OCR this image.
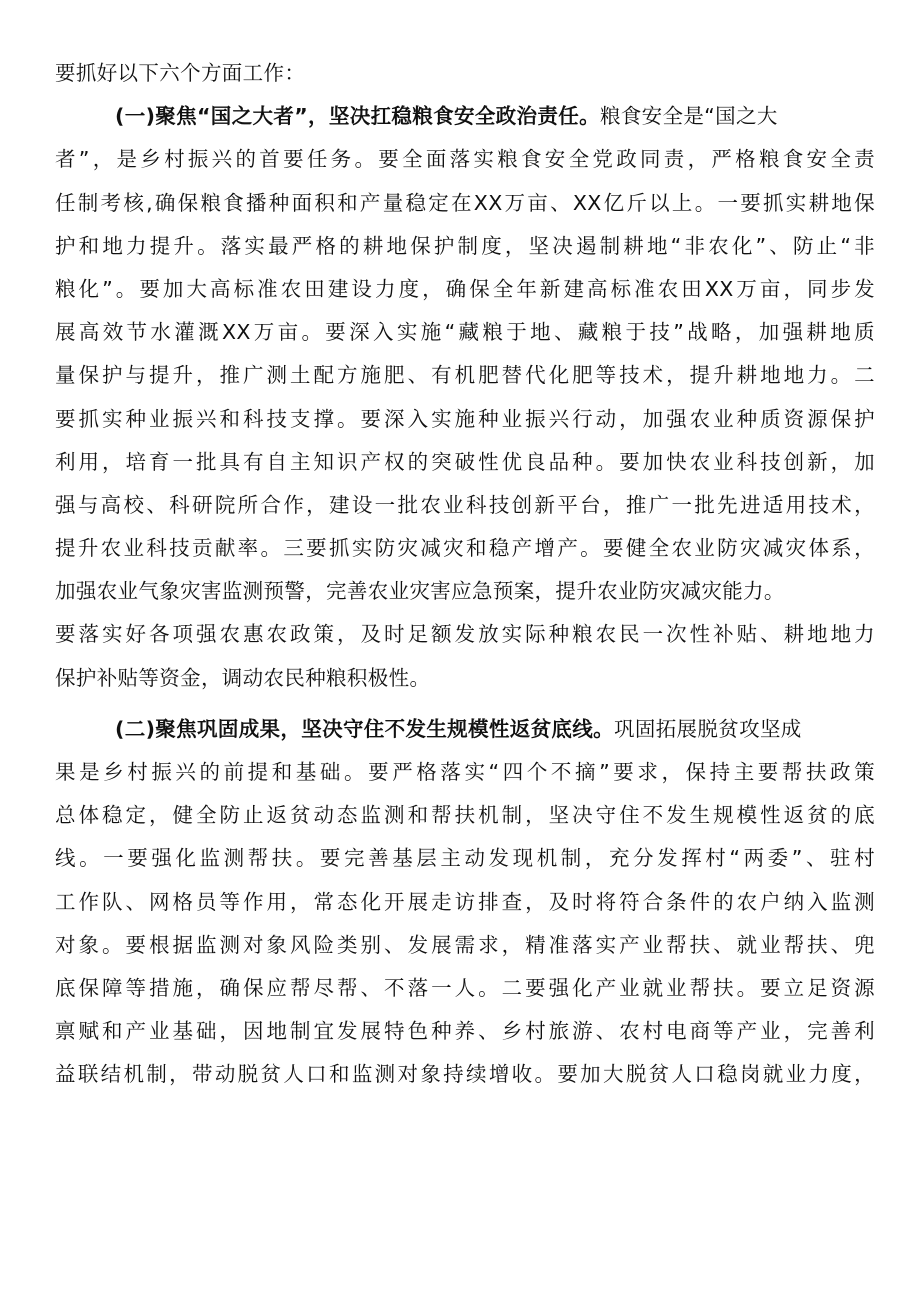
要抓好以下六个方面工作：
(一)聚焦“国之大者”，坚决扛稳粮食安全政治责任。粮食安全是“国之大
者”，是乡村振兴的首要任务。要全面落实粮食安全党政同责，严格粮食安全责
任制考核,确保粮食播种面积和产量稳定在XX万亩、XX亿斤以上。一要抓实耕地保
护和地力提升。落实最严格的耕地保护制度，坚决遏制耕地“非农化”、防止“非
粮化”。要加大高标准农田建设力度，确保全年新建高标准农田XX万亩，同步发
展高效节水灌溉XX万亩。要深入实施“藏粮于地、藏粮于技”战略，加强耕地质
量保护与提升，推广测土配方施肥、有机肥替代化肥等技术，提升耕地地力。二
要抓实种业振兴和科技支撑。要深入实施种业振兴行动，加强农业种质资源保护
利用，培育一批具有自主知识产权的突破性优良品种。要加快农业科技创新，加
强与高校、科研院所合作，建设一批农业科技创新平台，推广一批先进适用技术，
提升农业科技贡献率。三要抓实防灾减灾和稳产增产。要健全农业防灾减灾体系，
加强农业气象灾害监测预警，完善农业灾害应急预案，提升农业防灾减灾能力。
要落实好各项强农惠农政策，及时足额发放实际种粮农民一次性补贴、耕地地力
保护补贴等资金，调动农民种粮积极性。
(二)聚焦巩固成果，坚决守住不发生规模性返贫底线。巩固拓展脱贫攻坚成
果是乡村振兴的前提和基础。要严格落实“四个不摘”要求，保持主要帮扶政策
总体稳定，健全防止返贫动态监测和帮扶机制，坚决守住不发生规模性返贫的底
线。一要强化监测帮扶。要完善基层主动发现机制，充分发挥村“两委”、驻村
工作队、网格员等作用，常态化开展走访排查，及时将符合条件的农户纳入监测
对象。要根据监测对象风险类别、发展需求，精准落实产业帮扶、就业帮扶、兜
底保障等措施，确保应帮尽帮、不落一人。二要强化产业就业帮扶。要立足资源
禀赋和产业基础，因地制宜发展特色种养、乡村旅游、农村电商等产业，完善利
益联结机制，带动脱贫人口和监测对象持续增收。要加大脱贫人口稳岗就业力度，
